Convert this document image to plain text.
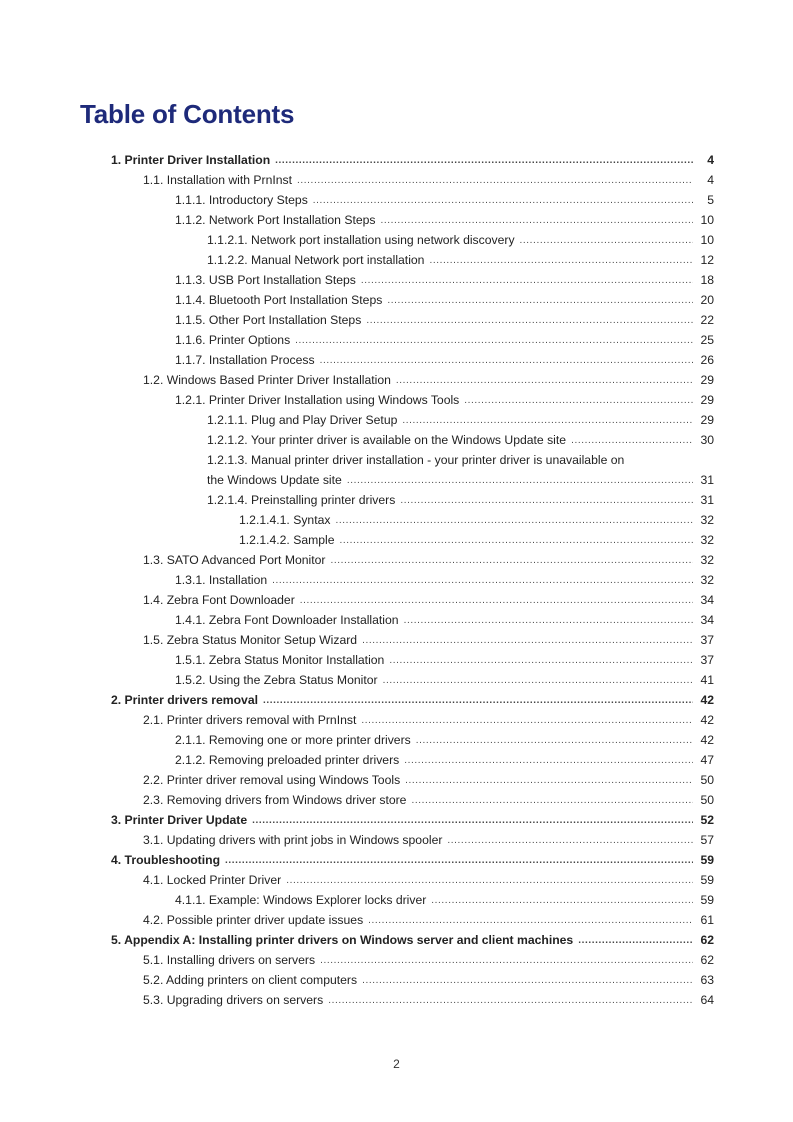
Table of Contents
1. Printer Driver Installation .....	4
1.1. Installation with PrnInst .....	4
1.1.1. Introductory Steps .....	5
1.1.2. Network Port Installation Steps .....	10
1.1.2.1. Network port installation using network discovery .....	10
1.1.2.2. Manual Network port installation .....	12
1.1.3. USB Port Installation Steps .....	18
1.1.4. Bluetooth Port Installation Steps .....	20
1.1.5. Other Port Installation Steps .....	22
1.1.6. Printer Options .....	25
1.1.7. Installation Process .....	26
1.2. Windows Based Printer Driver Installation .....	29
1.2.1. Printer Driver Installation using Windows Tools .....	29
1.2.1.1. Plug and Play Driver Setup .....	29
1.2.1.2. Your printer driver is available on the Windows Update site .....	30
1.2.1.3. Manual printer driver installation - your printer driver is unavailable on
the Windows Update site .....	31
1.2.1.4. Preinstalling printer drivers .....	31
1.2.1.4.1. Syntax .....	32
1.2.1.4.2. Sample .....	32
1.3. SATO Advanced Port Monitor .....	32
1.3.1. Installation .....	32
1.4. Zebra Font Downloader .....	34
1.4.1. Zebra Font Downloader Installation .....	34
1.5. Zebra Status Monitor Setup Wizard .....	37
1.5.1. Zebra Status Monitor Installation .....	37
1.5.2. Using the Zebra Status Monitor .....	41
2. Printer drivers removal .....	42
2.1. Printer drivers removal with PrnInst .....	42
2.1.1. Removing one or more printer drivers .....	42
2.1.2. Removing preloaded printer drivers .....	47
2.2. Printer driver removal using Windows Tools .....	50
2.3. Removing drivers from Windows driver store .....	50
3. Printer Driver Update .....	52
3.1. Updating drivers with print jobs in Windows spooler .....	57
4. Troubleshooting .....	59
4.1. Locked Printer Driver .....	59
4.1.1. Example: Windows Explorer locks driver .....	59
4.2. Possible printer driver update issues .....	61
5. Appendix A: Installing printer drivers on Windows server and client machines .....	62
5.1. Installing drivers on servers .....	62
5.2. Adding printers on client computers .....	63
5.3. Upgrading drivers on servers .....	64
2
